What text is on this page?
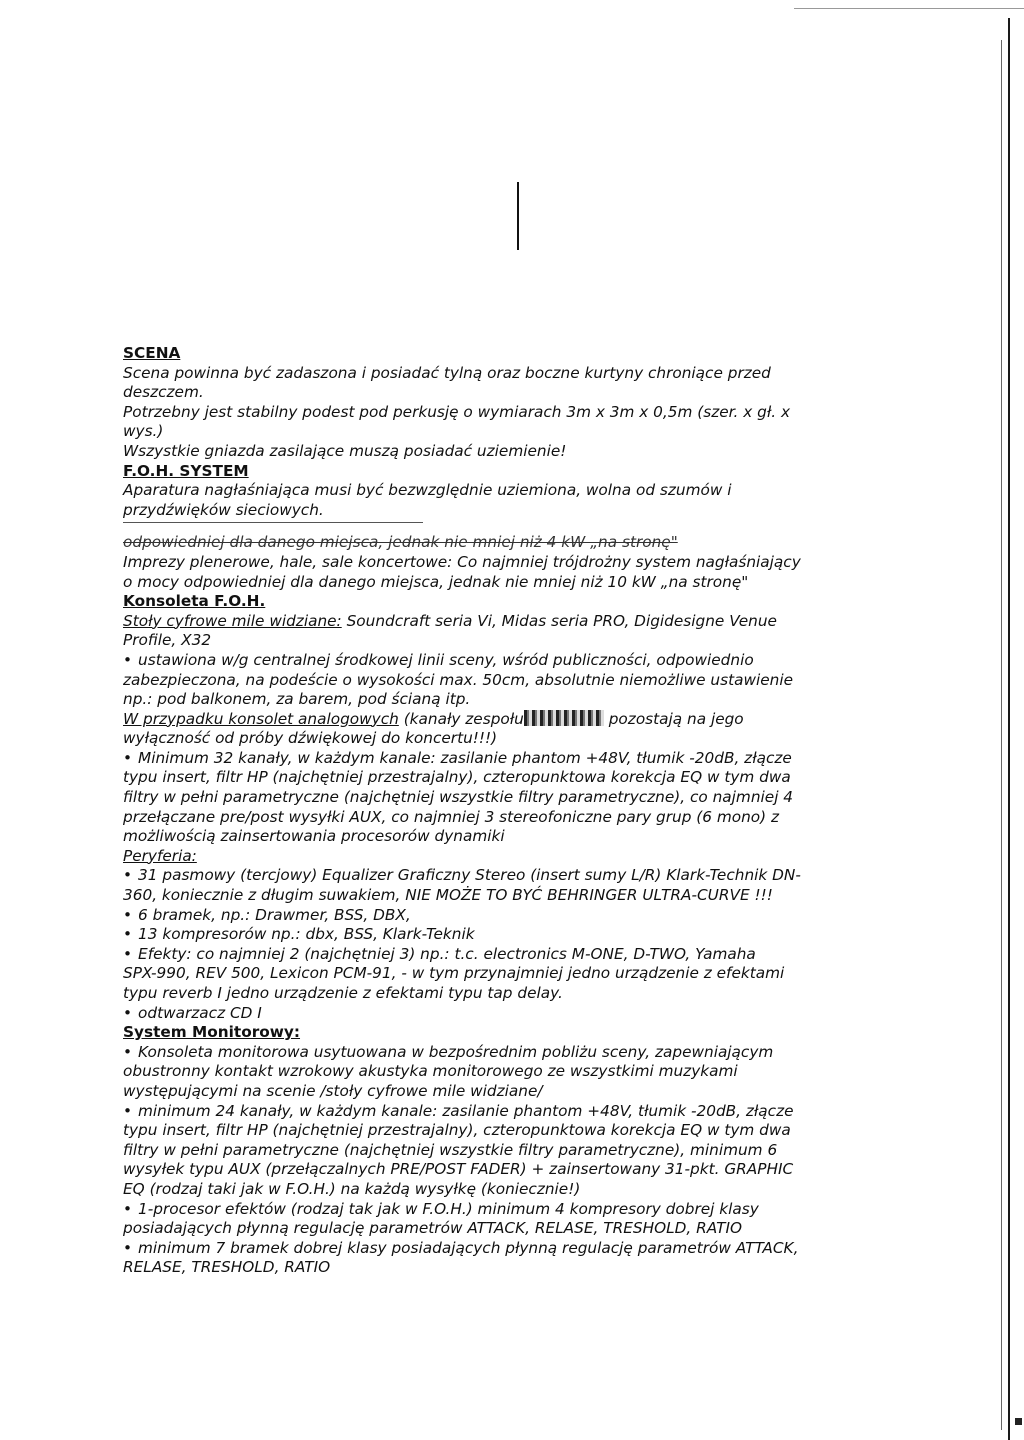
SCENA

Scena powinna być zadaszona i posiadać tylną oraz boczne kurtyny chroniące przed

deszczem.

Potrzebny jest stabilny podest pod perkusję o wymiarach 3m x 3m x 0,5m (szer. x gł. x

wys.)

Wszystkie gniazda zasilające muszą posiadać uziemienie!

F.O.H. SYSTEM

Aparatura nagłaśniająca musi być bezwzględnie uziemiona, wolna od szumów i

przydźwięków sieciowych.

odpowiedniej dla danego miejsca, jednak nie mniej niż 4 kW „na stronę"

Imprezy plenerowe, hale, sale koncertowe: Co najmniej trójdrożny system nagłaśniający

o mocy odpowiedniej dla danego miejsca, jednak nie mniej niż 10 kW „na stronę"

Konsoleta F.O.H.

Stoły cyfrowe mile widziane: Soundcraft seria Vi, Midas seria PRO, Digidesigne Venue

Profile, X32

• ustawiona w/g centralnej środkowej linii sceny, wśród publiczności, odpowiednio

zabezpieczona, na podeście o wysokości max. 50cm, absolutnie niemożliwe ustawienie

np.: pod balkonem, za barem, pod ścianą itp.

W przypadku konsolet analogowych (kanały zespołu	pozostają na jego

wyłączność od próby dźwiękowej do koncertu!!!)

• Minimum 32 kanały, w każdym kanale: zasilanie phantom +48V, tłumik -20dB, złącze

typu insert, filtr HP (najchętniej przestrajalny), czteropunktowa korekcja EQ w tym dwa

filtry w pełni parametryczne (najchętniej wszystkie filtry parametryczne), co najmniej 4

przełączane pre/post wysyłki AUX, co najmniej 3 stereofoniczne pary grup (6 mono) z

możliwością zainsertowania procesorów dynamiki

Peryferia:

• 31 pasmowy (tercjowy) Equalizer Graficzny Stereo (insert sumy L/R) Klark-Technik DN-

360, koniecznie z długim suwakiem, NIE MOŻE TO BYĆ BEHRINGER ULTRA-CURVE !!!

• 6 bramek, np.: Drawmer, BSS, DBX,

• 13 kompresorów np.: dbx, BSS, Klark-Teknik

• Efekty: co najmniej 2 (najchętniej 3) np.: t.c. electronics M-ONE, D-TWO, Yamaha

SPX-990, REV 500, Lexicon PCM-91, - w tym przynajmniej jedno urządzenie z efektami

typu reverb I jedno urządzenie z efektami typu tap delay.

• odtwarzacz CD I

System Monitorowy:

• Konsoleta monitorowa usytuowana w bezpośrednim pobliżu sceny, zapewniającym

obustronny kontakt wzrokowy akustyka monitorowego ze wszystkimi muzykami

występującymi na scenie /stoły cyfrowe mile widziane/

• minimum 24 kanały, w każdym kanale: zasilanie phantom +48V, tłumik -20dB, złącze

typu insert, filtr HP (najchętniej przestrajalny), czteropunktowa korekcja EQ w tym dwa

filtry w pełni parametryczne (najchętniej wszystkie filtry parametryczne), minimum 6

wysyłek typu AUX (przełączalnych PRE/POST FADER) + zainsertowany 31-pkt. GRAPHIC

EQ (rodzaj taki jak w F.O.H.) na każdą wysyłkę (koniecznie!)

• 1-procesor efektów (rodzaj tak jak w F.O.H.) minimum 4 kompresory dobrej klasy

posiadających płynną regulację parametrów ATTACK, RELASE, TRESHOLD, RATIO

• minimum 7 bramek dobrej klasy posiadających płynną regulację parametrów ATTACK,

RELASE, TRESHOLD, RATIO
